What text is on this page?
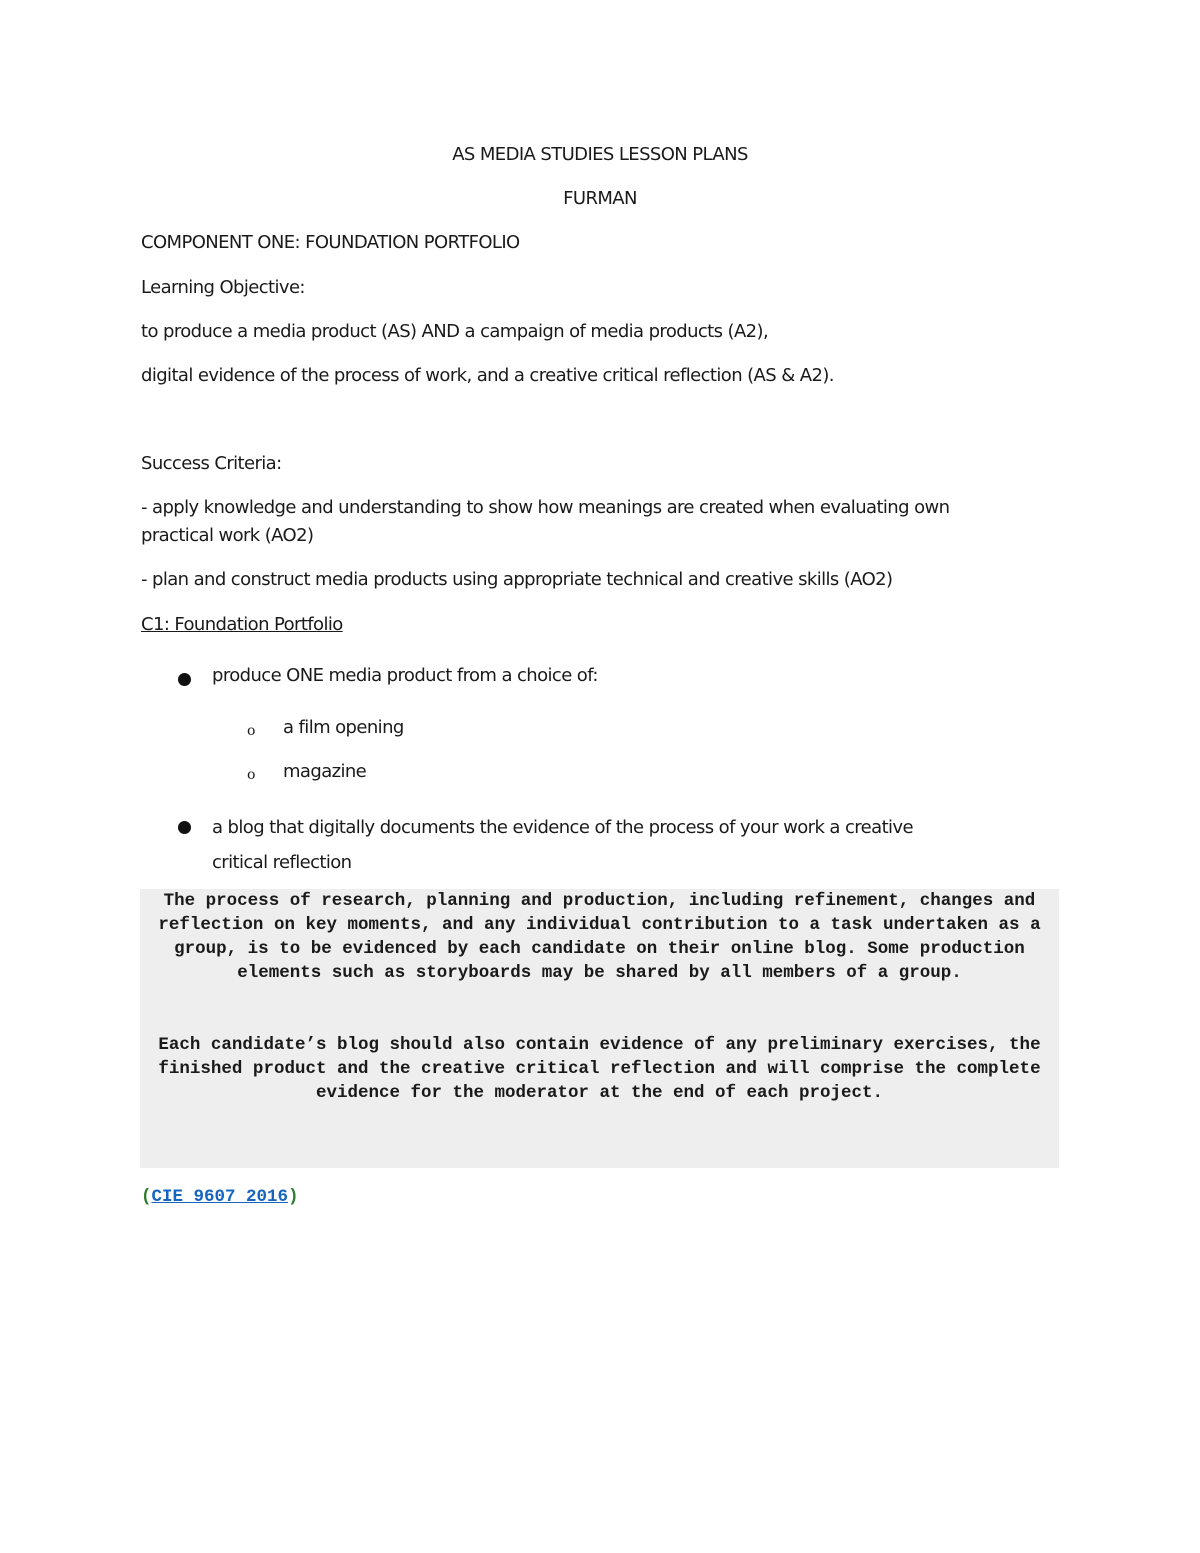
AS MEDIA STUDIES LESSON PLANS
FURMAN
COMPONENT ONE: FOUNDATION PORTFOLIO
Learning Objective:
to produce a media product (AS) AND a campaign of media products (A2),
digital evidence of the process of work, and a creative critical reflection (AS & A2).
Success Criteria:
- apply knowledge and understanding to show how meanings are created when evaluating own practical work (AO2)
- plan and construct media products using appropriate technical and creative skills (AO2)
C1: Foundation Portfolio
produce ONE media product from a choice of:
o a film opening
o magazine
a blog that digitally documents the evidence of the process of your work a creative critical reflection

The process of research, planning and production, including refinement, changes and reflection on key moments, and any individual contribution to a task undertaken as a group, is to be evidenced by each candidate on their online blog. Some production elements such as storyboards may be shared by all members of a group.

Each candidate’s blog should also contain evidence of any preliminary exercises, the finished product and the creative critical reflection and will comprise the complete evidence for the moderator at the end of each project.

(CIE 9607 2016)
